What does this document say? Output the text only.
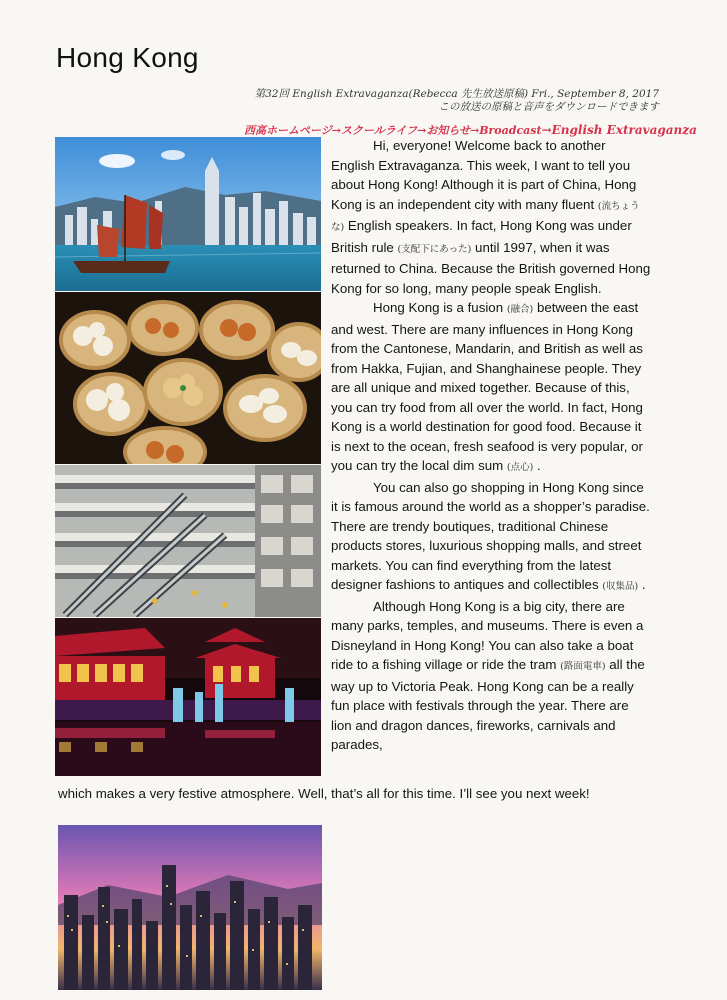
Hong Kong
第32回 English Extravaganza(Rebecca 先生放送原稿) Fri., September 8, 2017
この放送の原稿と音声をダウンロードできます
西高ホームページ→スクールライフ→お知らせ→Broadcast→English Extravaganza

Hi, everyone! Welcome back to another English Extravaganza. This week, I want to tell you about Hong Kong! Although it is part of China, Hong Kong is an independent city with many fluent (流ちょうな) English speakers. In fact, Hong Kong was under British rule (支配下にあった) until 1997, when it was returned to China. Because the British governed Hong Kong for so long, many people speak English.

Hong Kong is a fusion (融合) between the east and west. There are many influences in Hong Kong from the Cantonese, Mandarin, and British as well as from Hakka, Fujian, and Shanghainese people. They are all unique and mixed together. Because of this, you can try food from all over the world. In fact, Hong Kong is a world destination for good food. Because it is next to the ocean, fresh seafood is very popular, or you can try the local dim sum (点心) .

You can also go shopping in Hong Kong since it is famous around the world as a shopper’s paradise. There are trendy boutiques, traditional Chinese products stores, luxurious shopping malls, and street markets. You can find everything from the latest designer fashions to antiques and collectibles (収集品) .

Although Hong Kong is a big city, there are many parks, temples, and museums. There is even a Disneyland in Hong Kong! You can also take a boat ride to a fishing village or ride the tram (路面電車) all the way up to Victoria Peak. Hong Kong can be a really fun place with festivals through the year. There are lion and dragon dances, fireworks, carnivals and parades,

which makes a very festive atmosphere. Well, that’s all for this time. I’ll see you next week!
